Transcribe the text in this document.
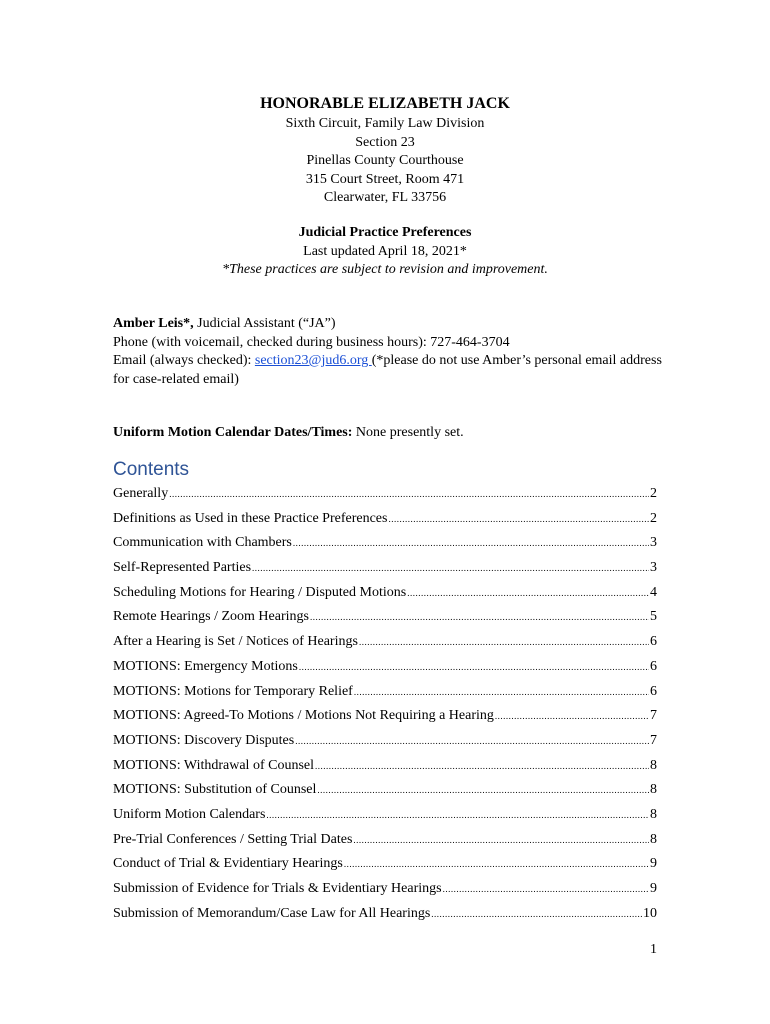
HONORABLE ELIZABETH JACK
Sixth Circuit, Family Law Division
Section 23
Pinellas County Courthouse
315 Court Street, Room 471
Clearwater, FL 33756
Judicial Practice Preferences
Last updated April 18, 2021*
*These practices are subject to revision and improvement.
Amber Leis*, Judicial Assistant (“JA”)
Phone (with voicemail, checked during business hours): 727-464-3704
Email (always checked): section23@jud6.org (*please do not use Amber’s personal email address for case-related email)
Uniform Motion Calendar Dates/Times: None presently set.
Contents
Generally .....	2
Definitions as Used in these Practice Preferences .....	2
Communication with Chambers .....	3
Self-Represented Parties .....	3
Scheduling Motions for Hearing / Disputed Motions .....	4
Remote Hearings / Zoom Hearings .....	5
After a Hearing is Set / Notices of Hearings .....	6
MOTIONS: Emergency Motions .....	6
MOTIONS: Motions for Temporary Relief .....	6
MOTIONS: Agreed-To Motions / Motions Not Requiring a Hearing .....	7
MOTIONS: Discovery Disputes .....	7
MOTIONS: Withdrawal of Counsel .....	8
MOTIONS: Substitution of Counsel .....	8
Uniform Motion Calendars .....	8
Pre-Trial Conferences / Setting Trial Dates .....	8
Conduct of Trial & Evidentiary Hearings .....	9
Submission of Evidence for Trials & Evidentiary Hearings .....	9
Submission of Memorandum/Case Law for All Hearings .....	10
1
